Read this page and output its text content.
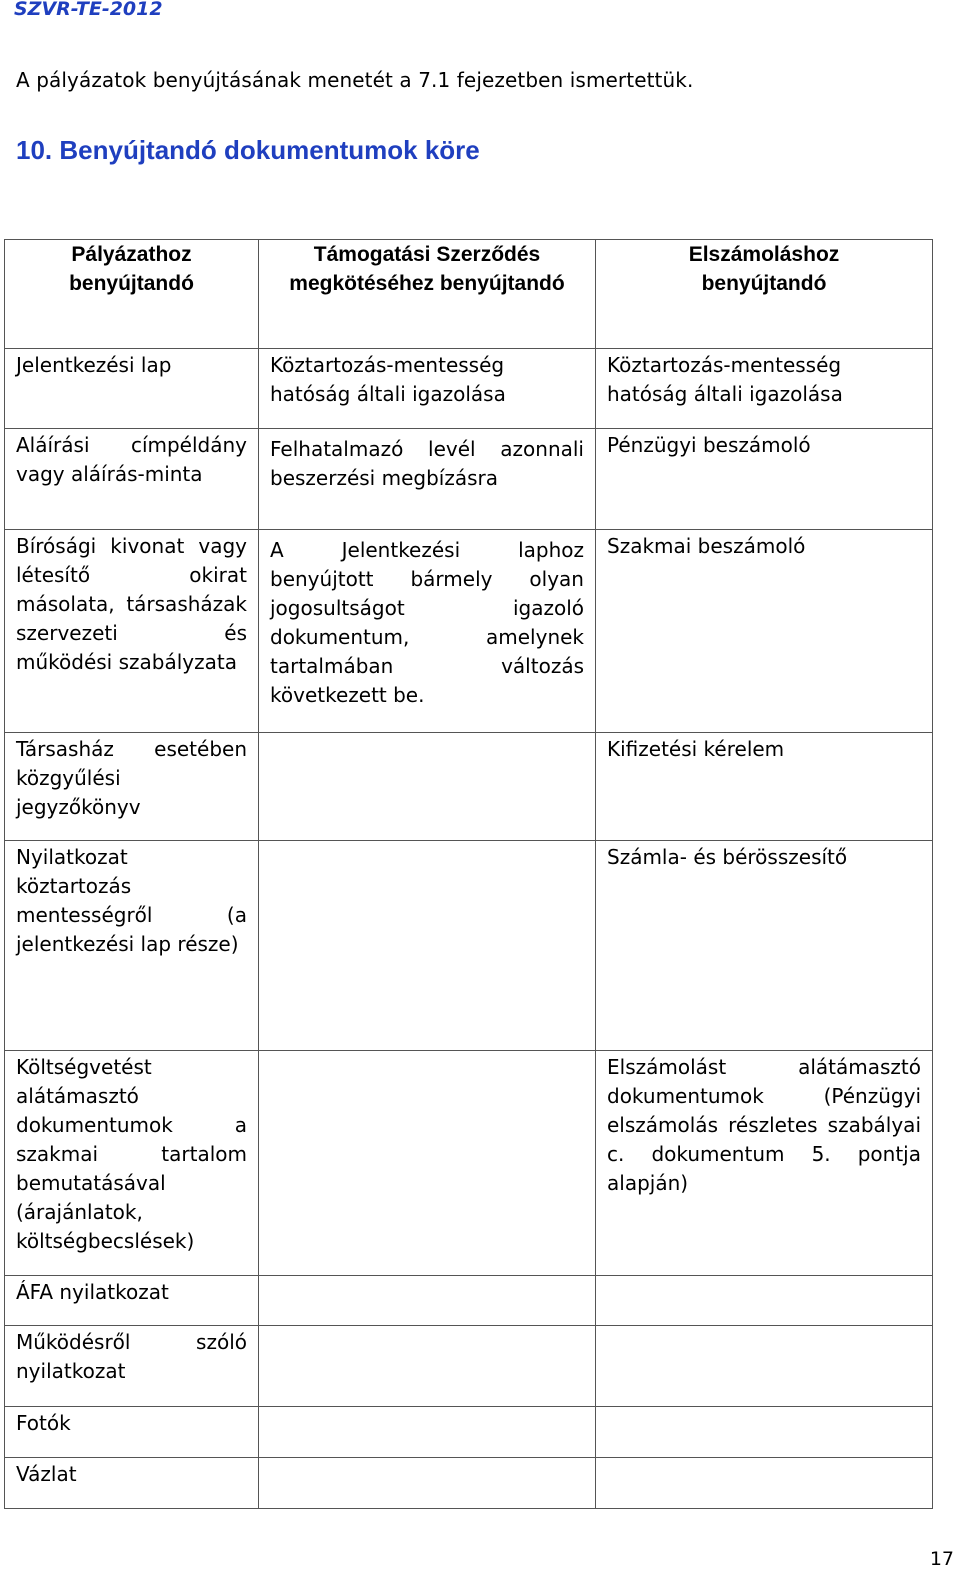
SZVR-TE-2012
A pályázatok benyújtásának menetét a 7.1 fejezetben ismertettük.
10. Benyújtandó dokumentumok köre
Pályázathoz benyújtandó	Támogatási Szerződés megkötéséhez benyújtandó	Elszámoláshoz benyújtandó
Jelentkezési lap	Köztartozás-mentesség hatóság általi igazolása	Köztartozás-mentesség hatóság általi igazolása
Aláírási címpéldány vagy aláírás-minta	Felhatalmazó levél azonnali beszerzési megbízásra	Pénzügyi beszámoló
Bírósági kivonat vagy létesítő okirat másolata, társasházak szervezeti és működési szabályzata	A Jelentkezési laphoz benyújtott bármely olyan jogosultságot igazoló dokumentum, amelynek tartalmában változás következett be.	Szakmai beszámoló
Társasház esetében közgyűlési jegyzőkönyv		Kifizetési kérelem
Nyilatkozat köztartozás mentességről (a jelentkezési lap része)		Számla- és bérösszesítő
Költségvetést alátámasztó dokumentumok a szakmai tartalom bemutatásával (árajánlatok, költségbecslések)		Elszámolást alátámasztó dokumentumok (Pénzügyi elszámolás részletes szabályai c. dokumentum 5. pontja alapján)
ÁFA nyilatkozat		
Működésről szóló nyilatkozat		
Fotók		
Vázlat		
17
